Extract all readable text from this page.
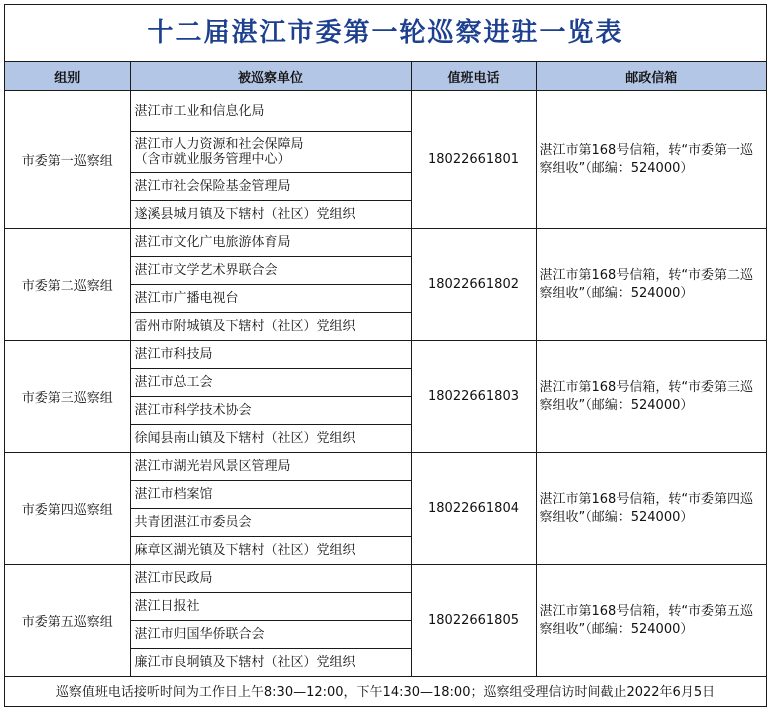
十二届湛江市委第一轮巡察进驻一览表
组别	被巡察单位	值班电话	邮政信箱
市委第一巡察组	湛江市工业和信息化局	18022661801	湛江市第168号信箱，转“市委第一巡察组收”（邮编：524000）
	湛江市人力资源和社会保障局
（含市就业服务管理中心）		
	湛江市社会保险基金管理局		
	遂溪县城月镇及下辖村（社区）党组织		
市委第二巡察组	湛江市文化广电旅游体育局	18022661802	湛江市第168号信箱，转“市委第二巡察组收”（邮编：524000）
	湛江市文学艺术界联合会		
	湛江市广播电视台		
	雷州市附城镇及下辖村（社区）党组织		
市委第三巡察组	湛江市科技局	18022661803	湛江市第168号信箱，转“市委第三巡察组收”（邮编：524000）
	湛江市总工会		
	湛江市科学技术协会		
	徐闻县南山镇及下辖村（社区）党组织		
市委第四巡察组	湛江市湖光岩风景区管理局	18022661804	湛江市第168号信箱，转“市委第四巡察组收”（邮编：524000）
	湛江市档案馆		
	共青团湛江市委员会		
	麻章区湖光镇及下辖村（社区）党组织		
市委第五巡察组	湛江市民政局	18022661805	湛江市第168号信箱，转“市委第五巡察组收”（邮编：524000）
	湛江日报社		
	湛江市归国华侨联合会		
	廉江市良垌镇及下辖村（社区）党组织		
巡察值班电话接听时间为工作日上午8:30—12:00，下午14:30—18:00；巡察组受理信访时间截止2022年6月5日
